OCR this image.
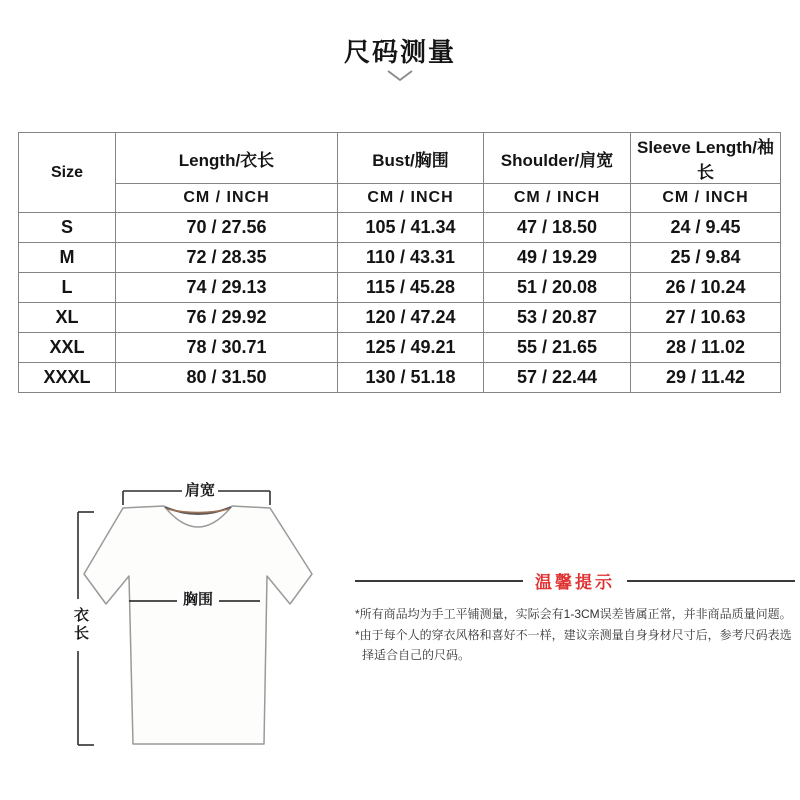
尺码测量
Size	Length/衣长	Bust/胸围	Shoulder/肩宽	Sleeve Length/袖长
	CM / INCH	CM / INCH	CM / INCH	CM / INCH
S	70 / 27.56	105 / 41.34	47 / 18.50	24 / 9.45
M	72 / 28.35	110 / 43.31	49 / 19.29	25 / 9.84
L	74 / 29.13	115 / 45.28	51 / 20.08	26 / 10.24
XL	76 / 29.92	120 / 47.24	53 / 20.87	27 / 10.63
XXL	78 / 30.71	125 / 49.21	55 / 21.65	28 / 11.02
XXXL	80 / 31.50	130 / 51.18	57 / 22.44	29 / 11.42
肩宽
胸围
衣长
温馨提示

*所有商品均为手工平铺测量，实际会有1-3CM误差皆属正常，并非商品质量问题。

*由于每个人的穿衣风格和喜好不一样，建议亲测量自身身材尺寸后，参考尺码表选择适合自己的尺码。
